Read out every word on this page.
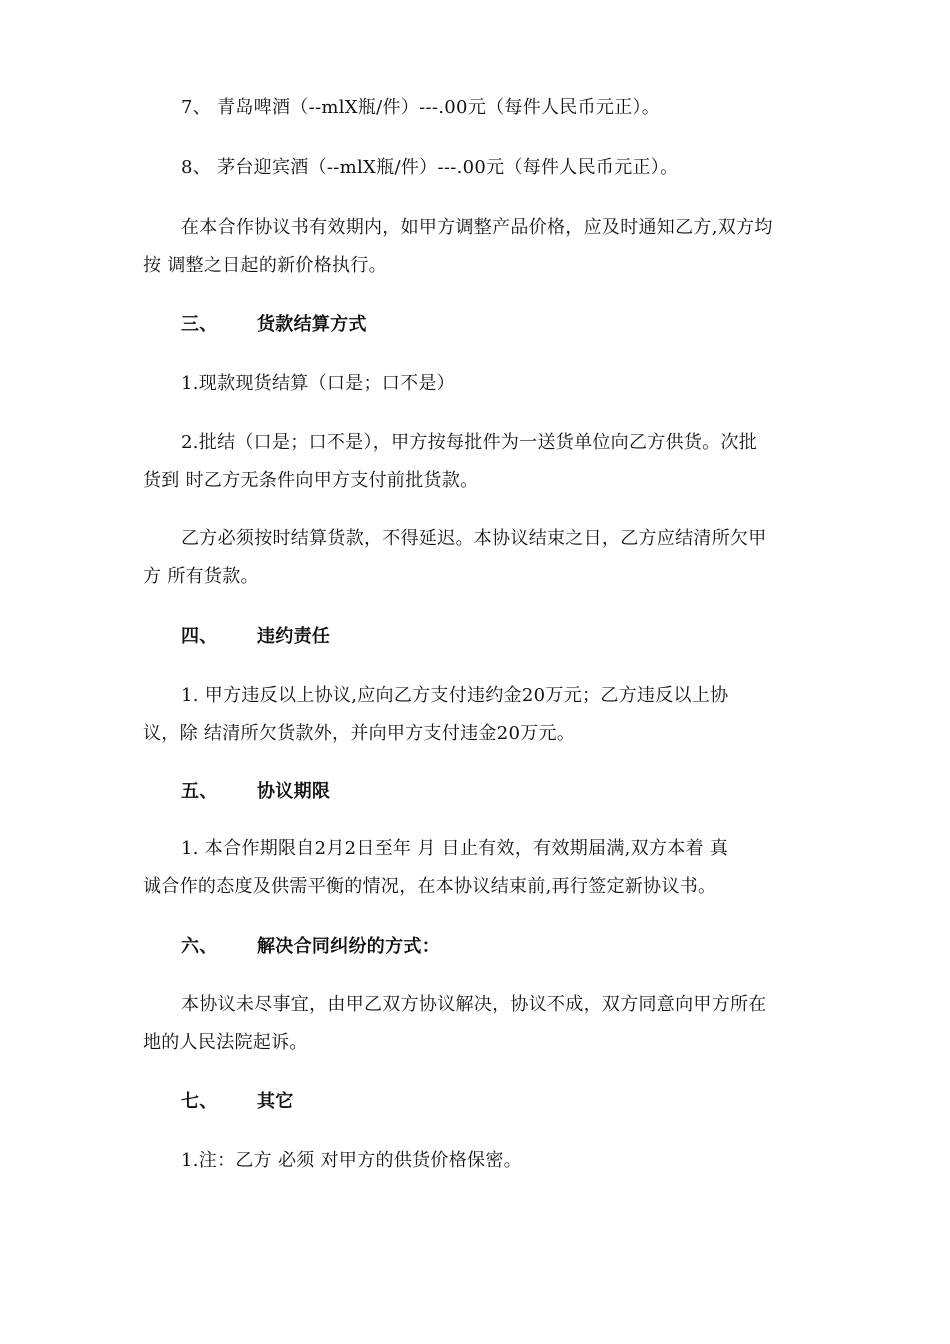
7、 青岛啤酒（--mlX瓶/件）---.00元（每件人民币元正）。
8、 茅台迎宾酒（--mlX瓶/件）---.00元（每件人民币元正）。
在本合作协议书有效期内，如甲方调整产品价格，应及时通知乙方,双方均
按 调整之日起的新价格执行。
三、 货款结算方式
1.现款现货结算（口是；口不是）
2.批结（口是；口不是），甲方按每批件为一送货单位向乙方供货。次批
货到 时乙方无条件向甲方支付前批货款。
乙方必须按时结算货款，不得延迟。本协议结束之日，乙方应结清所欠甲
方 所有货款。
四、 违约责任
1. 甲方违反以上协议,应向乙方支付违约金20万元；乙方违反以上协
议，除 结清所欠货款外，并向甲方支付违金20万元。
五、 协议期限
1. 本合作期限自2月2日至年 月 日止有效，有效期届满,双方本着 真
诚合作的态度及供需平衡的情况，在本协议结束前,再行签定新协议书。
六、 解决合同纠纷的方式：
本协议未尽事宜，由甲乙双方协议解决，协议不成，双方同意向甲方所在
地的人民法院起诉。
七、 其它
1.注：乙方 必须 对甲方的供货价格保密。
